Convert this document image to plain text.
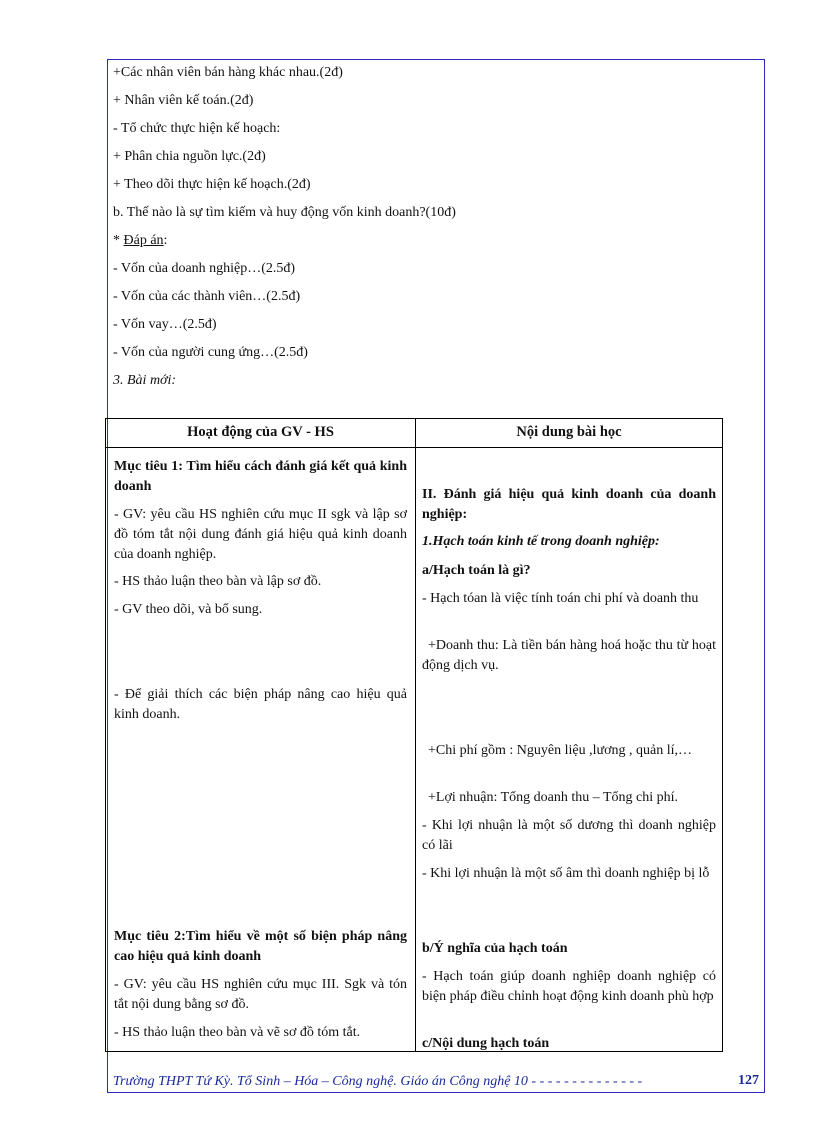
+Các nhân viên bán hàng khác nhau.(2đ)

+ Nhân viên kế toán.(2đ)

- Tổ chức thực hiện kế hoạch:

+ Phân chia nguồn lực.(2đ)

+ Theo dõi thực hiện kế hoạch.(2đ)

b. Thế nào là sự tìm kiếm và huy động vốn kinh doanh?(10đ)

* Đáp án:

- Vốn của doanh nghiệp…(2.5đ)

- Vốn của các thành viên…(2.5đ)

- Vốn vay…(2.5đ)

- Vốn của người cung ứng…(2.5đ)

3. Bài mới:

Hoạt động của GV - HS	Nội dung bài học
Mục tiêu 1: Tìm hiểu cách đánh giá kết quả kinh doanh
- GV: yêu cầu HS nghiên cứu mục II sgk và lập sơ đồ tóm tắt nội dung đánh giá hiệu quả kinh doanh của doanh nghiệp.
- HS thảo luận theo bàn và lập sơ đồ.
- GV theo dõi, và bổ sung.
- Để giải thích các biện pháp nâng cao hiệu quả kinh doanh.
Mục tiêu 2:Tìm hiểu về một số biện pháp nâng cao hiệu quả kinh doanh
- GV: yêu cầu HS nghiên cứu mục III. Sgk và tón tắt nội dung bằng sơ đồ.
- HS thảo luận theo bàn và vẽ sơ đồ tóm tắt.
II. Đánh giá hiệu quả kinh doanh của doanh nghiệp:
1.Hạch toán kinh tế trong doanh nghiệp:
a/Hạch toán là gì?
- Hạch tóan là việc tính toán chi phí và doanh thu
+Doanh thu: Là tiền bán hàng hoá hoặc thu từ hoạt động dịch vụ.
+Chi phí gồm : Nguyên liệu ,lương , quản lí,…
+Lợi nhuận: Tổng doanh thu – Tổng chi phí.
- Khi lợi nhuận là một số dương thì doanh nghiệp có lãi
- Khi lợi nhuận là một số âm thì doanh nghiệp bị lỗ
b/Ý nghĩa của hạch toán
- Hạch toán giúp doanh nghiệp doanh nghiệp có biện pháp điều chỉnh hoạt động kinh doanh phù hợp
c/Nội dung hạch toán
Trường THPT Tứ Kỳ. Tổ Sinh – Hóa – Công nghệ. Giáo án Công nghệ 10 - - - - - - - - - - - - - -	127
